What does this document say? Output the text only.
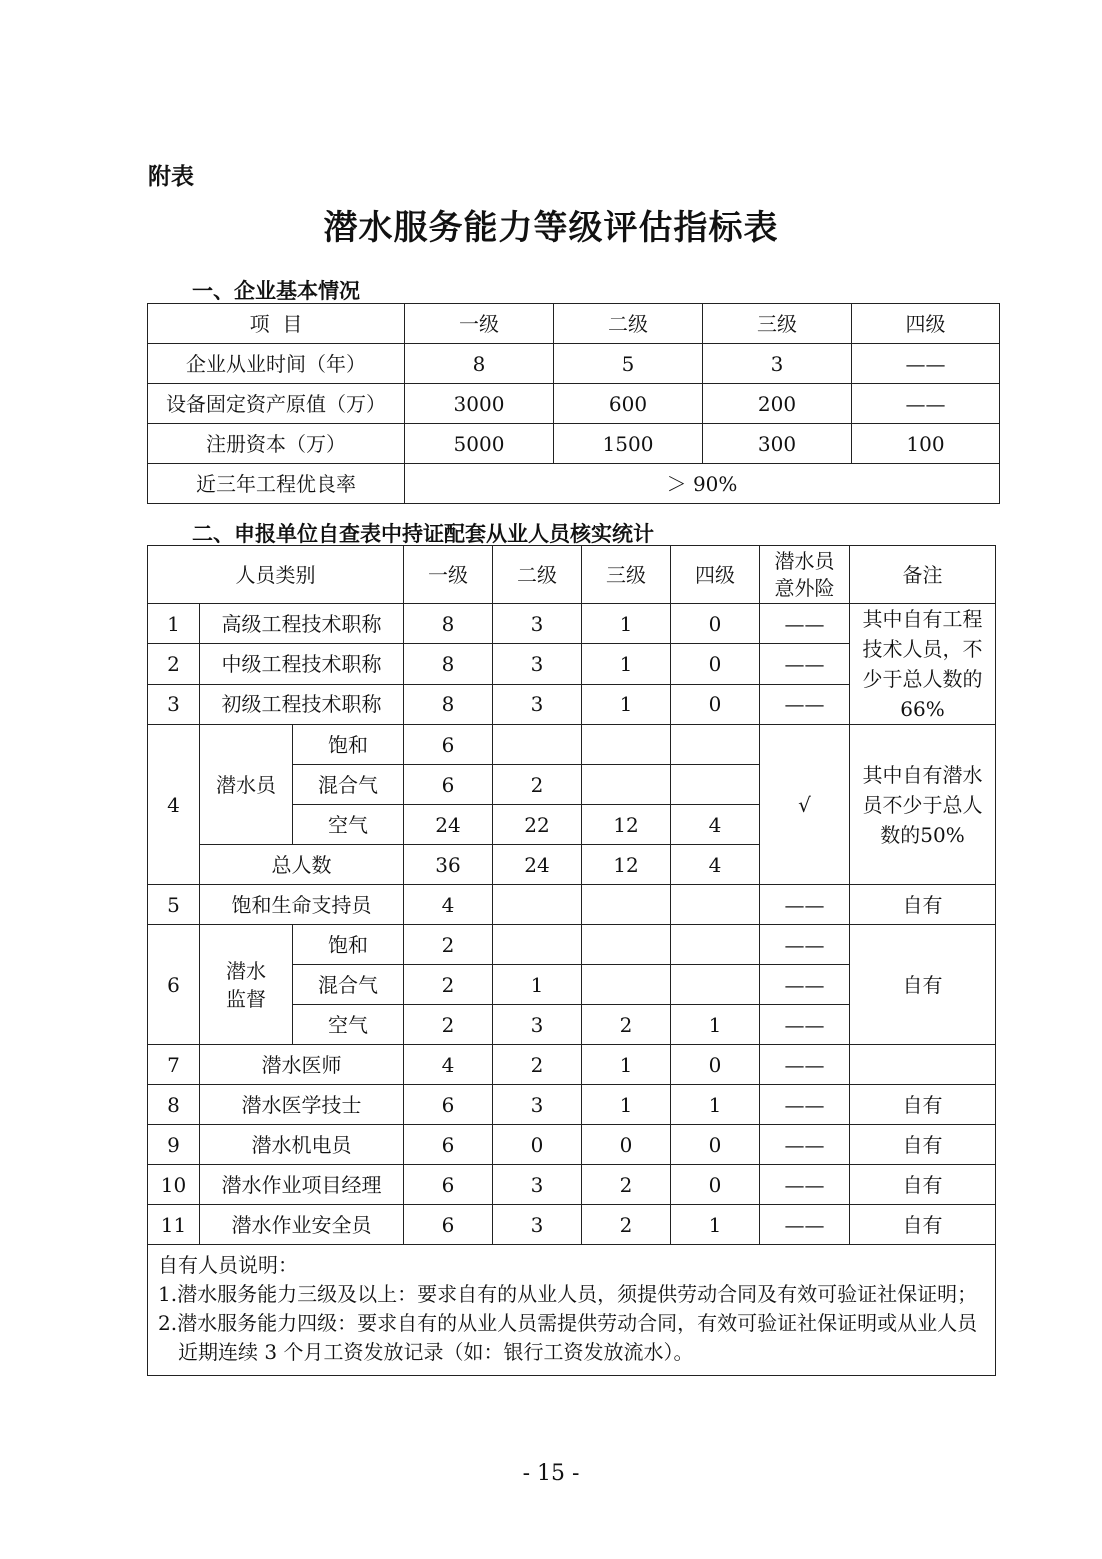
附表
潜水服务能力等级评估指标表
一、企业基本情况
项  目	一级	二级	三级	四级
企业从业时间（年）	8	5	3	——
设备固定资产原值（万）	3000	600	200	——
注册资本（万）	5000	1500	300	100
近三年工程优良率	＞ 90%			
二、申报单位自查表中持证配套从业人员核实统计
人员类别			一级	二级	三级	四级	潜水员意外险	备注
1	高级工程技术职称		8	3	1	0	——	其中自有工程技术人员，不少于总人数的66%
2	中级工程技术职称		8	3	1	0	——	
3	初级工程技术职称		8	3	1	0	——	
4	潜水员	饱和	6				√	其中自有潜水员不少于总人数的50%
		混合气	6	2				
		空气	24	22	12	4		
	总人数		36	24	12	4		
5	饱和生命支持员		4				——	自有
6	潜水监督	饱和	2				——	自有
		混合气	2	1			——	
		空气	2	3	2	1	——	
7	潜水医师		4	2	1	0	——	
8	潜水医学技士		6	3	1	1	——	自有
9	潜水机电员		6	0	0	0	——	自有
10	潜水作业项目经理		6	3	2	0	——	自有
11	潜水作业安全员		6	3	2	1	——	自有

自有人员说明：
1.潜水服务能力三级及以上：要求自有的从业人员，须提供劳动合同及有效可验证社保证明；
2.潜水服务能力四级：要求自有的从业人员需提供劳动合同，有效可验证社保证明或从业人员近期连续 3 个月工资发放记录（如：银行工资发放流水）。								
- 15 -
